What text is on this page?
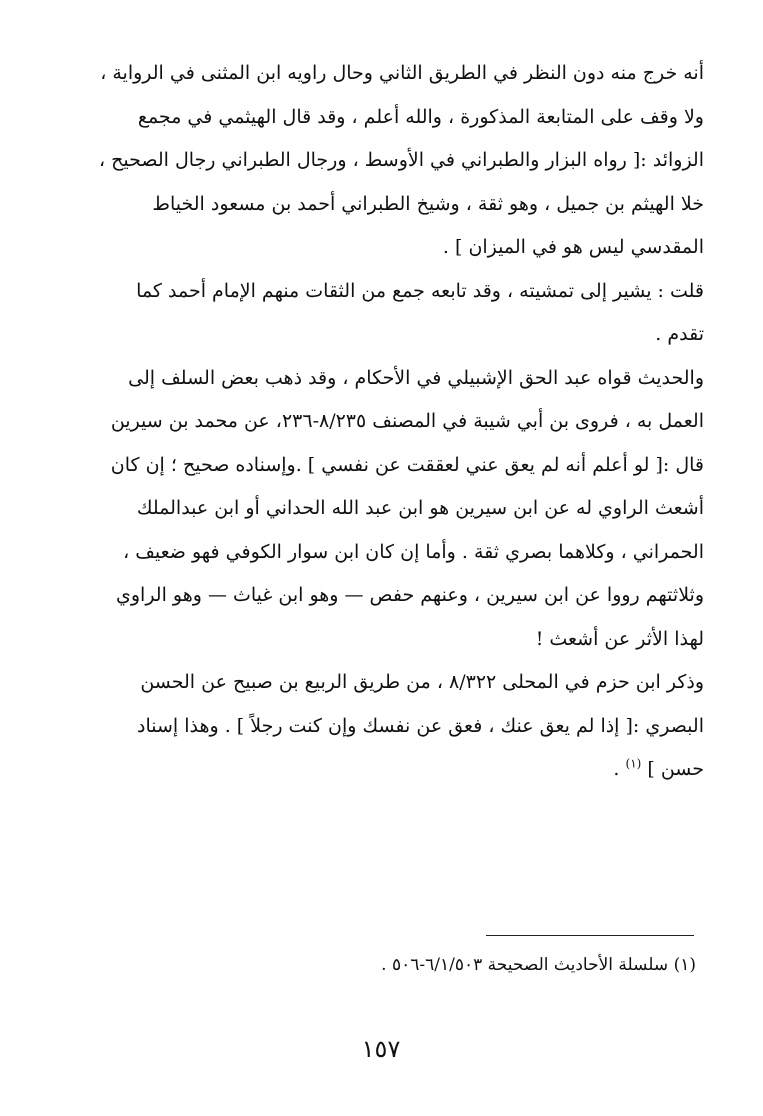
أنه خرج منه دون النظر في الطريق الثاني وحال راويه ابن المثنى في الرواية ،
ولا وقف على المتابعة المذكورة ، والله أعلم ، وقد قال الهيثمي في مجمع
الزوائد :[ رواه البزار والطبراني في الأوسط ، ورجال الطبراني رجال الصحيح ،
خلا الهيثم بن جميل ، وهو ثقة ، وشيخ الطبراني أحمد بن مسعود الخياط
المقدسي ليس هو في الميزان ] .

قلت : يشير إلى تمشيته ، وقد تابعه جمع من الثقات منهم الإمام أحمد كما
تقدم .

والحديث قواه عبد الحق الإشبيلي في الأحكام ، وقد ذهب بعض السلف إلى
العمل به ، فروى بن أبي شيبة في المصنف ٨/٢٣٥-٢٣٦، عن محمد بن سيرين
قال :[ لو أعلم أنه لم يعق عني لعققت عن نفسي ] .وإسناده صحيح ؛ إن كان
أشعث الراوي له عن ابن سيرين هو ابن عبد الله الحداني أو ابن عبدالملك
الحمراني ، وكلاهما بصري ثقة . وأما إن كان ابن سوار الكوفي فهو ضعيف ،
وثلاثتهم رووا عن ابن سيرين ، وعنهم حفص — وهو ابن غياث — وهو الراوي
لهذا الأثر عن أشعث !

وذكر ابن حزم في المحلى ٨/٣٢٢ ، من طريق الربيع بن صبيح عن الحسن
البصري :[ إذا لم يعق عنك ، فعق عن نفسك وإن كنت رجلاً ] . وهذا إسناد
حسن ] $^{(١)}$ .

(١) سلسلة الأحاديث الصحيحة ٦/١/٥٠٣-٥٠٦ .
١٥٧
